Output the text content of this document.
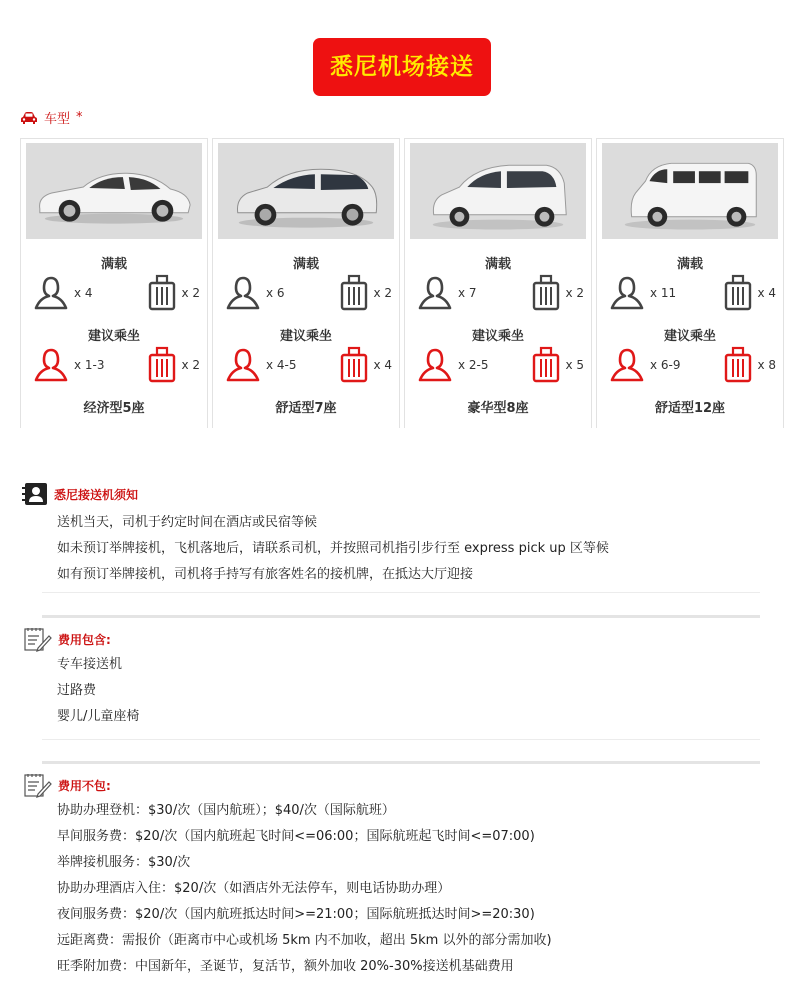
悉尼机场接送
车型 *
满载
x 4	x 2
建议乘坐
x 1-3	x 2
经济型5座
满载
x 6	x 2
建议乘坐
x 4-5	x 4
舒适型7座
满载
x 7	x 2
建议乘坐
x 2-5	x 5
豪华型8座
满载
x 11	x 4
建议乘坐
x 6-9	x 8
舒适型12座
悉尼接送机须知
送机当天，司机于约定时间在酒店或民宿等候
如未预订举牌接机，飞机落地后，请联系司机，并按照司机指引步行至 express pick up 区等候
如有预订举牌接机，司机将手持写有旅客姓名的接机牌，在抵达大厅迎接
费用包含:
专车接送机
过路费
婴儿/儿童座椅
费用不包:
协助办理登机：$30/次（国内航班）；$40/次（国际航班）
早间服务费：$20/次（国内航班起飞时间<=06:00；国际航班起飞时间<=07:00)
举牌接机服务：$30/次
协助办理酒店入住：$20/次（如酒店外无法停车，则电话协助办理）
夜间服务费：$20/次（国内航班抵达时间>=21:00；国际航班抵达时间>=20:30)
远距离费：需报价（距离市中心或机场 5km 内不加收，超出 5km 以外的部分需加收)
旺季附加费：中国新年，圣诞节，复活节，额外加收 20%-30%接送机基础费用
